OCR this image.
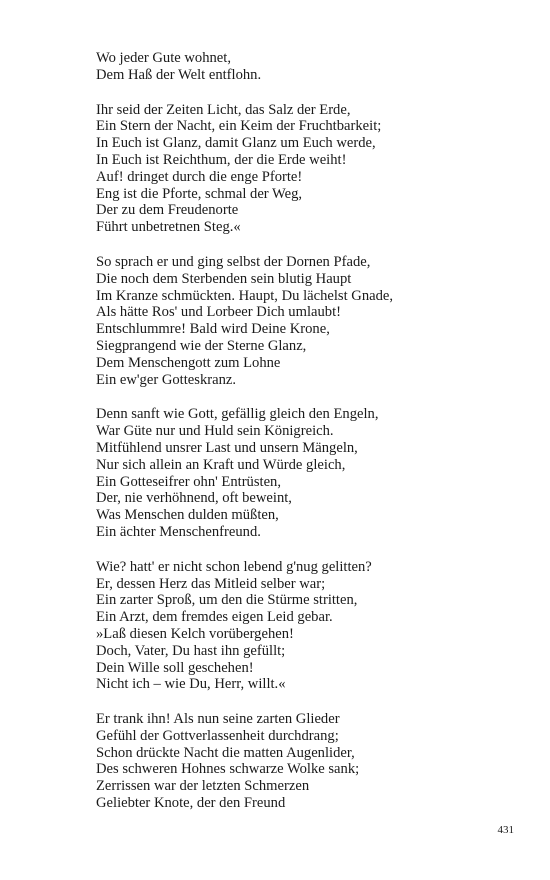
Wo jeder Gute wohnet,
Dem Haß der Welt entflohn.
Ihr seid der Zeiten Licht, das Salz der Erde,
Ein Stern der Nacht, ein Keim der Fruchtbarkeit;
In Euch ist Glanz, damit Glanz um Euch werde,
In Euch ist Reichthum, der die Erde weiht!
Auf! dringet durch die enge Pforte!
Eng ist die Pforte, schmal der Weg,
Der zu dem Freudenorte
Führt unbetretnen Steg.«
So sprach er und ging selbst der Dornen Pfade,
Die noch dem Sterbenden sein blutig Haupt
Im Kranze schmückten. Haupt, Du lächelst Gnade,
Als hätte Ros' und Lorbeer Dich umlaubt!
Entschlummre! Bald wird Deine Krone,
Siegprangend wie der Sterne Glanz,
Dem Menschengott zum Lohne
Ein ew'ger Gotteskranz.
Denn sanft wie Gott, gefällig gleich den Engeln,
War Güte nur und Huld sein Königreich.
Mitfühlend unsrer Last und unsern Mängeln,
Nur sich allein an Kraft und Würde gleich,
Ein Gotteseifrer ohn' Entrüsten,
Der, nie verhöhnend, oft beweint,
Was Menschen dulden müßten,
Ein ächter Menschenfreund.
Wie? hatt' er nicht schon lebend g'nug gelitten?
Er, dessen Herz das Mitleid selber war;
Ein zarter Sproß, um den die Stürme stritten,
Ein Arzt, dem fremdes eigen Leid gebar.
»Laß diesen Kelch vorübergehen!
Doch, Vater, Du hast ihn gefüllt;
Dein Wille soll geschehen!
Nicht ich – wie Du, Herr, willt.«
Er trank ihn! Als nun seine zarten Glieder
Gefühl der Gottverlassenheit durchdrang;
Schon drückte Nacht die matten Augenlider,
Des schweren Hohnes schwarze Wolke sank;
Zerrissen war der letzten Schmerzen
Geliebter Knote, der den Freund
431
